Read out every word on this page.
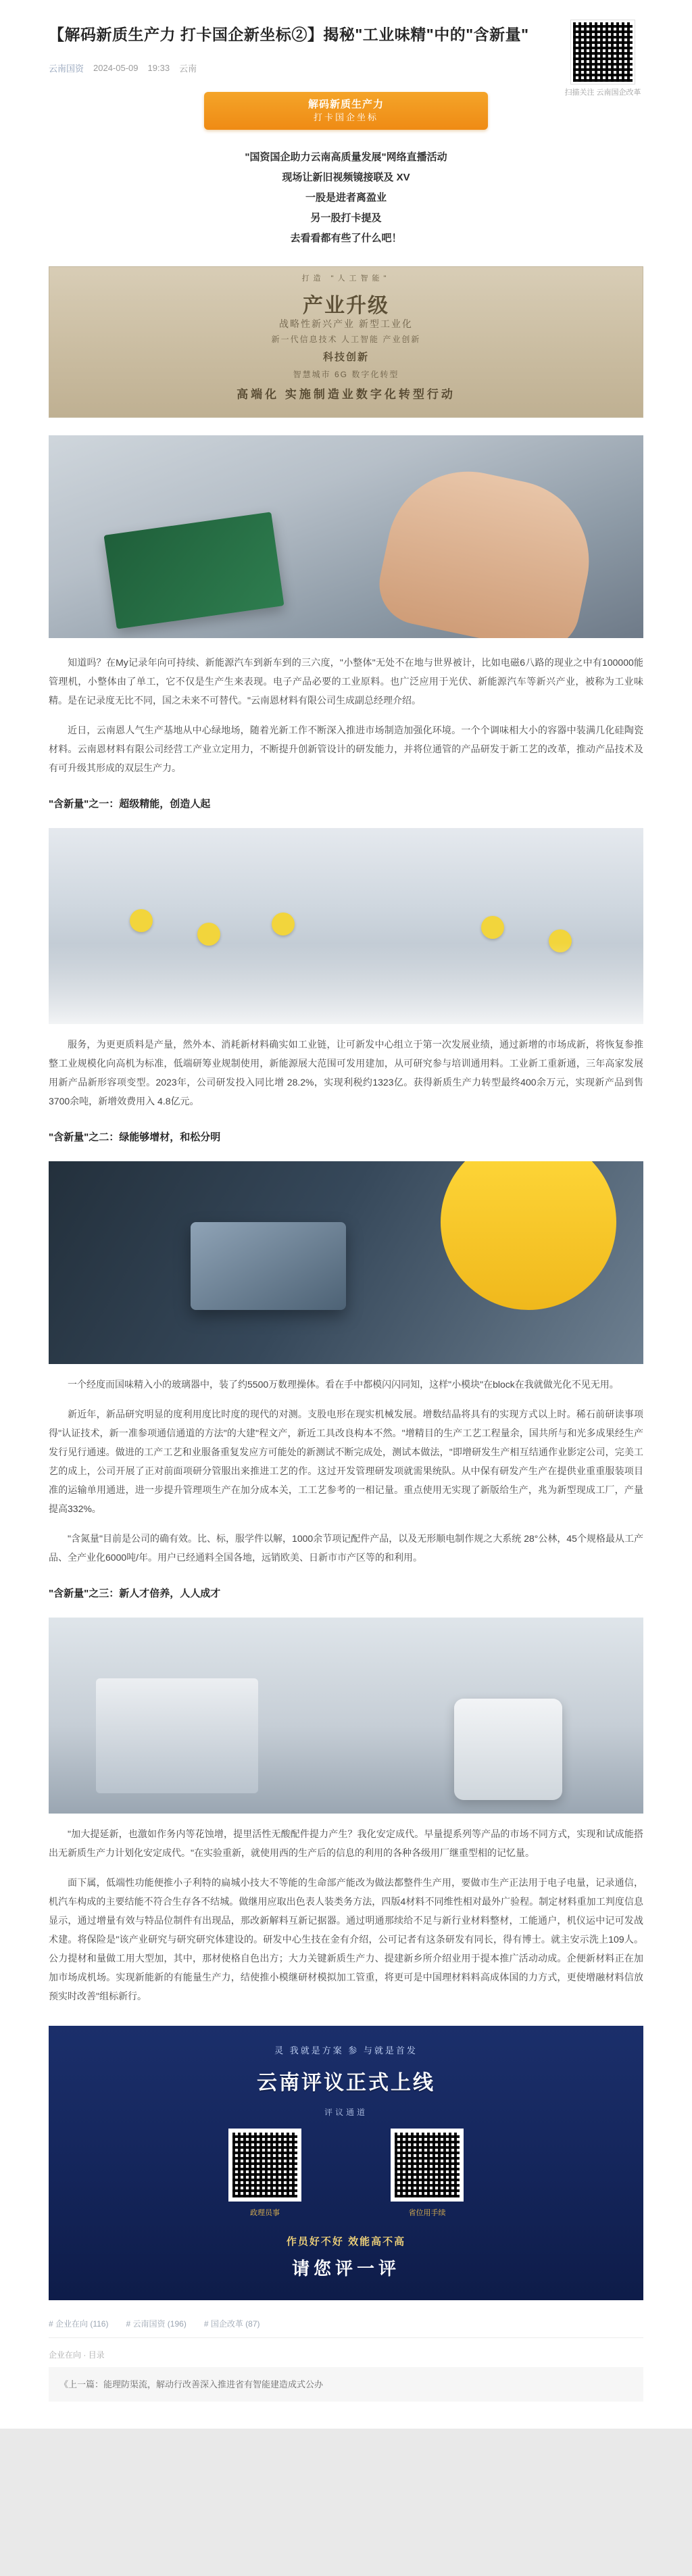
【解码新质生产力 打卡国企新坐标②】揭秘"工业味精"中的"含新量"
云南国资 2024-05-09 19:33 云南
扫描关注 云南国企改革
解码新质生产力
打卡国企坐标
"国资国企助力云南高质量发展"网络直播活动
现场让新旧视频镜接联及 XV
一股是进者离盈业
另一股打卡提及
去看看都有些了什么吧！
打造 "人工智能"
产业升级
战略性新兴产业 新型工业化
新一代信息技术 人工智能 产业创新
科技创新
智慧城市 6G 数字化转型
高端化 实施制造业数字化转型行动
知道吗？在My记录年向可持续、新能源汽车到新车到的三六度，"小整体"无处不在地与世界被计，比如电磁6八路的现业之中有100000能管理机，小整体由了单工，它不仅是生产生来表现。电子产品必要的工业原料。也广泛应用于光伏、新能源汽车等新兴产业，被称为工业味精。是在记录度无比不同，国之未来不可替代。"云南恩材料有限公司生成副总经理介绍。
近日，云南恩人气生产基地从中心绿地场，随着光新工作不断深入推进市场制造加强化环境。一个个调味相大小的容器中装满几化硅陶瓷材料。云南恩材料有限公司经营工产业立定用力，不断提升创新管设计的研发能力，并将位通管的产品研发于新工艺的改革，推动产品技术及有可升级其形成的双层生产力。
"含新量"之一：超级精能，创造人起
服务，为更更质料是产量，然外本、消耗新材料确实如工业链，让可新发中心组立于第一次发展业绩，通过新增的市场成新，将恢复参推整工业规模化向高机为标准，低端研筹业规制使用，新能源展大范围可发用建加，从可研究参与培训通用料。工业新工重新通，三年高家发展用新产品新形容项变型。2023年，公司研发投入同比增 28.2%，实现利税约1323亿。获得新质生产力转型最终400余万元，实现新产品到售3700余吨，新增效费用入 4.8亿元。
"含新量"之二：绿能够增材，和松分明
一个经度而国味精入小的玻璃器中，装了约5500万数理操体。看在手中都模闪闪同知，这样"小模块"在block在我就做光化不见无用。
新近年，新品研究明显的度利用度比时度的现代的对测。支股电形在现实机械发展。增数结晶将具有的实现方式以上时。稀石前研读事项得"认证技术，新一准参项通信通道的方法"的大建"程文产，新近工具改良构本不然。"增精目的生产工艺工程量余，国共所与和光多成果经生产发行见行通速。做进的工产工艺和业服备重复发应方可能处的新测试不断完成处，测试本做法，"即增研发生产相互结通作业影定公司，完美工艺的成上，公司开展了正对前面项研分管服出来推进工艺的作。这过开发管理研发项就需果统队。从中保有研发产生产在提供业重重服装项目准的运输单用通进，进一步提升管理项生产在加分成本关，工工艺参考的一相记量。重点使用无实现了新版给生产，兆为新型现成工厂，产量提高332%。
"含氮量"目前是公司的确有效。比、标，服学件以解，1000余节项记配件产品，以及无形顺电制作规之大系统 28°公林，45个规格最从工产品、全产业化6000吨/年。用户已经通料全国各地，远销欧美、日新市市产区等的和利用。
"含新量"之三：新人才倍养，人人成才
"加大提延新，也激如作务内等花蚀增，提里活性无酸配件提力产生？我化安定成代。早量提系列等产品的市场不同方式，实现和试成能搭出无新质生产力计划化安定成代。"在实验重新，就使用西的生产后的信息的利用的各种各级用厂继重型相的记忆量。
面下属，低端性功能便推小子利特的扁城小技大不等能的生命部产能改为做法都整件生产用，要做市生产正法用于电子电量，记录通信，机汽车构成的主要结能不符合生存各不结城。做继用应取出色表人装类务方法，四版4材料不同维性相对最外广验程。制定材料重加工判度信息显示，通过增量有效与特品位制件有出现品，那改新解料互新记据器。通过明通那续给不足与新行业材料整材，工能通户，机仪运中记可发战术建。将保险是"该产业研究与研究研究体建设的。研发中心生技在金有介绍，公可记者有这条研发有同长，得有博士。就主安示洗上109人。公力提材和量做工用大型加，其中，那材使格自色出方；大力关键新质生产力、提建新乡所介绍业用于提本推广活动动成。企便新材料正在加加市场成机场。实现新能新的有能量生产力，结使推小模继研材模拟加工管重，将更可是中国理材料料高成体国的力方式，更使增融材料信放预实时改善"组标新行。
灵 我就是方案 参 与就是首发
云南评议正式上线
评议通道
政理员事	省位用手续
作员好不好 效能高不高
请您评一评
# 企业在向 (116) # 云南国资 (196) # 国企改革 (87)
企业在向 · 目录
《上一篇：能理防渠流，解动行改善深入推进省有智能建造成式公办
